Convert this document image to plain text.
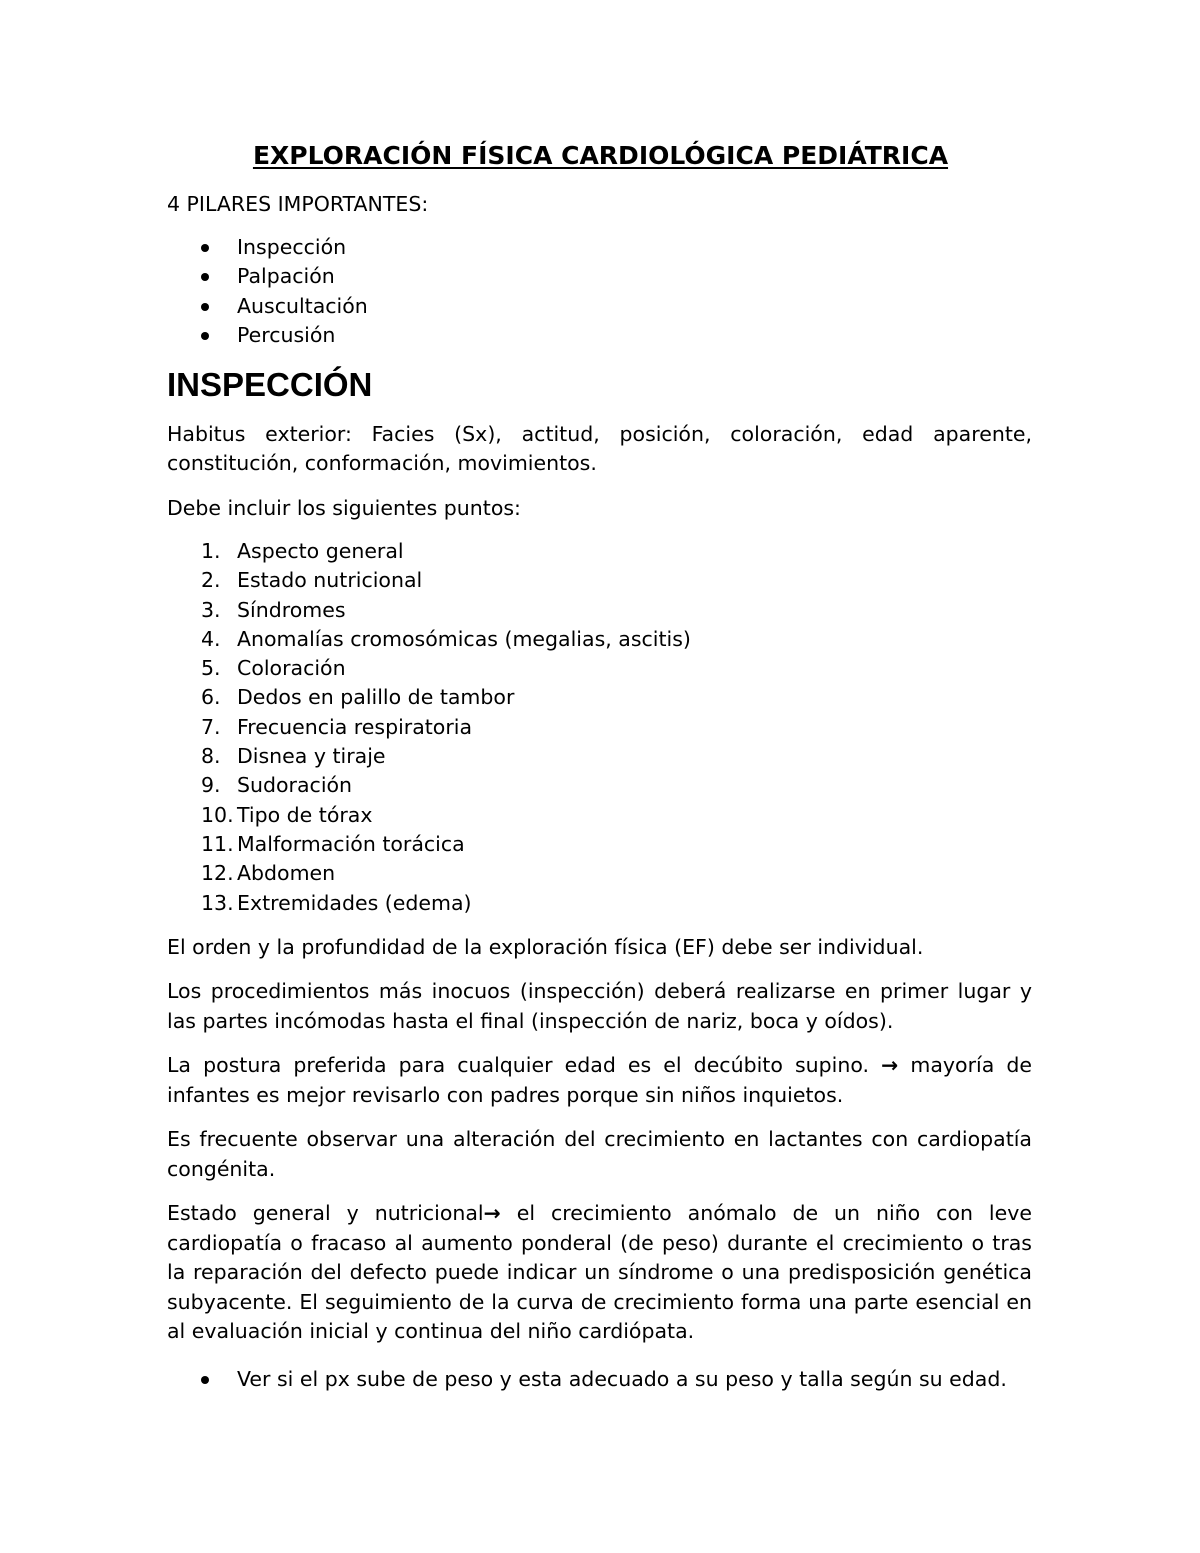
EXPLORACIÓN FÍSICA CARDIOLÓGICA PEDIÁTRICA

4 PILARES IMPORTANTES:

Inspección
Palpación
Auscultación
Percusión
INSPECCIÓN

Habitus exterior: Facies (Sx), actitud, posición, coloración, edad aparente, constitución, conformación, movimientos.

Debe incluir los siguientes puntos:

1. Aspecto general
2. Estado nutricional
3. Síndromes
4. Anomalías cromosómicas (megalias, ascitis)
5. Coloración
6. Dedos en palillo de tambor
7. Frecuencia respiratoria
8. Disnea y tiraje
9. Sudoración
10. Tipo de tórax
11. Malformación torácica
12. Abdomen
13. Extremidades (edema)

El orden y la profundidad de la exploración física (EF) debe ser individual.

Los procedimientos más inocuos (inspección) deberá realizarse en primer lugar y las partes incómodas hasta el final (inspección de nariz, boca y oídos).

La postura preferida para cualquier edad es el decúbito supino. → mayoría de infantes es mejor revisarlo con padres porque sin niños inquietos.

Es frecuente observar una alteración del crecimiento en lactantes con cardiopatía congénita.

Estado general y nutricional→ el crecimiento anómalo de un niño con leve cardiopatía o fracaso al aumento ponderal (de peso) durante el crecimiento o tras la reparación del defecto puede indicar un síndrome o una predisposición genética subyacente. El seguimiento de la curva de crecimiento forma una parte esencial en al evaluación inicial y continua del niño cardiópata.

Ver si el px sube de peso y esta adecuado a su peso y talla según su edad.
